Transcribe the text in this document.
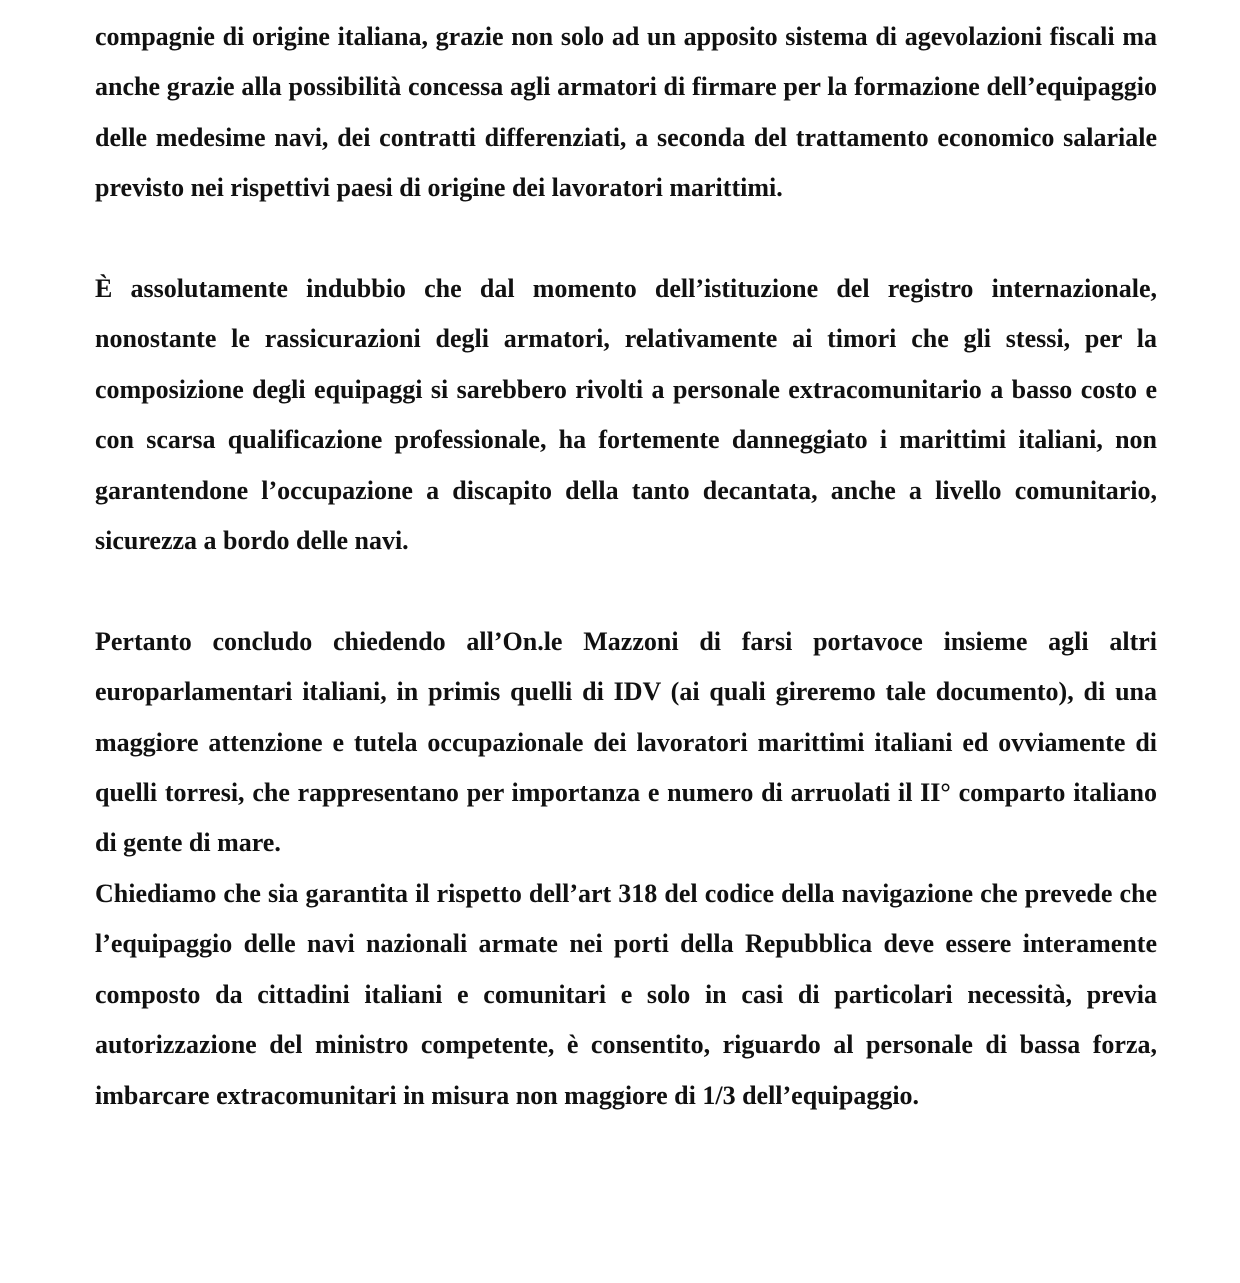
compagnie di origine italiana, grazie non solo ad un apposito sistema di agevolazioni fiscali ma anche grazie alla possibilità concessa agli armatori di firmare per la formazione dell’equipaggio delle medesime navi, dei contratti differenziati, a seconda del trattamento economico salariale previsto nei rispettivi paesi di origine dei lavoratori marittimi.

È assolutamente indubbio che dal momento dell’istituzione del registro internazionale, nonostante le rassicurazioni degli armatori, relativamente ai timori che gli stessi, per la composizione degli equipaggi si sarebbero rivolti a personale extracomunitario a basso costo e con scarsa qualificazione professionale, ha fortemente danneggiato i marittimi italiani, non garantendone l’occupazione a discapito della tanto decantata, anche a livello comunitario, sicurezza a bordo delle navi.

Pertanto concludo chiedendo all’On.le Mazzoni di farsi portavoce insieme agli altri europarlamentari italiani, in primis quelli di IDV (ai quali gireremo tale documento), di una maggiore attenzione e tutela occupazionale dei lavoratori marittimi italiani ed ovviamente di quelli torresi, che rappresentano per importanza e numero di arruolati il II° comparto italiano di gente di mare.

Chiediamo che sia garantita il rispetto dell’art 318 del codice della navigazione che prevede che l’equipaggio delle navi nazionali armate nei porti della Repubblica deve essere interamente composto da cittadini italiani e comunitari e solo in casi di particolari necessità, previa autorizzazione del ministro competente, è consentito, riguardo al personale di bassa forza, imbarcare extracomunitari in misura non maggiore di 1/3 dell’equipaggio.
